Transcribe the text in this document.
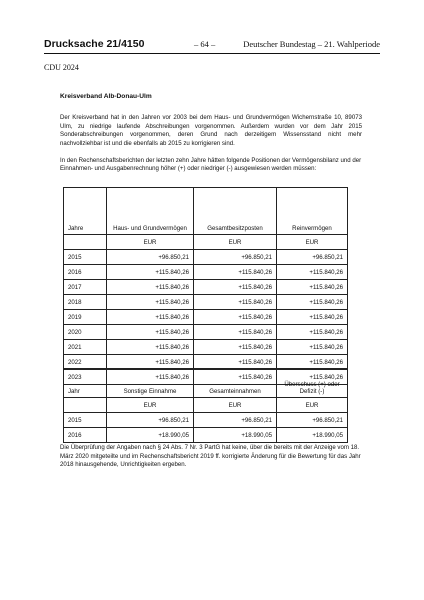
Drucksache 21/4150	– 64 –	Deutscher Bundestag – 21. Wahlperiode
CDU 2024
Kreisverband Alb-Donau-Ulm

Der Kreisverband hat in den Jahren vor 2003 bei dem Haus- und Grundvermögen Wichernstraße 10, 89073 Ulm, zu niedrige laufende Abschreibungen vorgenommen. Außerdem wurden vor dem Jahr 2015 Sonderabschreibungen vorgenommen, deren Grund nach derzeitigem Wissensstand nicht mehr nachvollziehbar ist und die ebenfalls ab 2015 zu korrigieren sind.

In den Rechenschaftsberichten der letzten zehn Jahre hätten folgende Positionen der Vermögensbilanz und der Einnahmen- und Ausgabenrechnung höher (+) oder niedriger (-) ausgewiesen werden müssen:

Jahre	Haus- und Grundvermögen	Gesamtbesitzposten	Reinvermögen
	EUR	EUR	EUR
2015	+96.850,21	+96.850,21	+96.850,21
2016	+115.840,26	+115.840,26	+115.840,26
2017	+115.840,26	+115.840,26	+115.840,26
2018	+115.840,26	+115.840,26	+115.840,26
2019	+115.840,26	+115.840,26	+115.840,26
2020	+115.840,26	+115.840,26	+115.840,26
2021	+115.840,26	+115.840,26	+115.840,26
2022	+115.840,26	+115.840,26	+115.840,26
2023	+115.840,26	+115.840,26	+115.840,26
Jahr	Sonstige Einnahme	Gesamteinnahmen	Überschuss (+) oder Defizit (-)
	EUR	EUR	EUR
2015	+96.850,21	+96.850,21	+96.850,21
2016	+18.990,05	+18.990,05	+18.990,05

Die Überprüfung der Angaben nach § 24 Abs. 7 Nr. 3 PartG hat keine, über die bereits mit der Anzeige vom 18. März 2020 mitgeteilte und im Rechenschaftsbericht 2019 ff. korrigierte Änderung für die Bewertung für das Jahr 2018 hinausgehende, Unrichtigkeiten ergeben.
